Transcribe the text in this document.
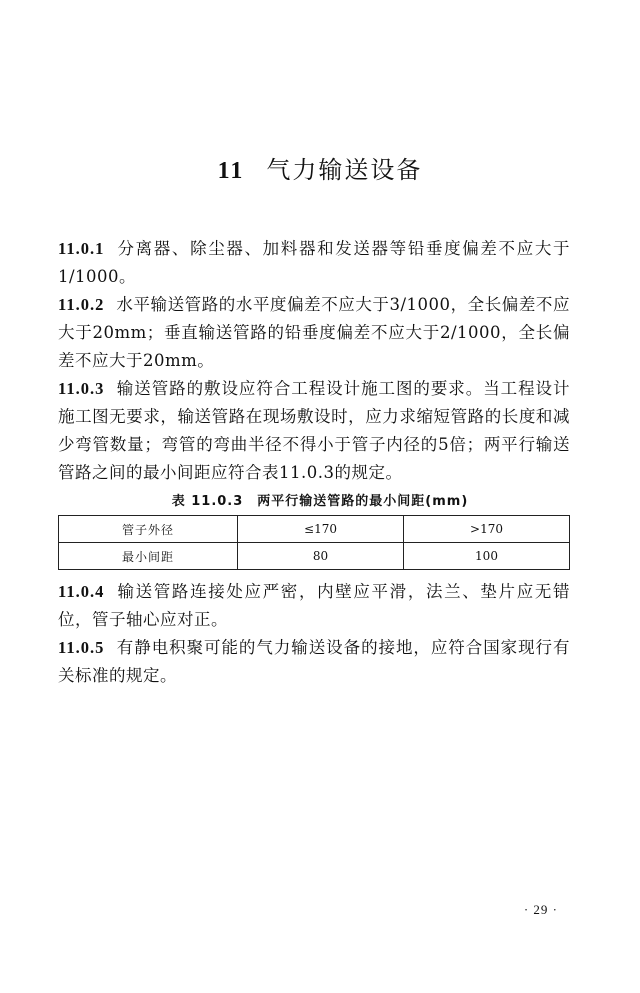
11 气力输送设备
11.0.1 分离器、除尘器、加料器和发送器等铅垂度偏差不应大于1/1000。
11.0.2 水平输送管路的水平度偏差不应大于3/1000，全长偏差不应大于20mm；垂直输送管路的铅垂度偏差不应大于2/1000，全长偏差不应大于20mm。
11.0.3 输送管路的敷设应符合工程设计施工图的要求。当工程设计施工图无要求，输送管路在现场敷设时，应力求缩短管路的长度和减少弯管数量；弯管的弯曲半径不得小于管子内径的5倍；两平行输送管路之间的最小间距应符合表11.0.3的规定。
表 11.0.3 两平行输送管路的最小间距(mm)
管子外径	≤170	>170
最小间距	80	100
11.0.4 输送管路连接处应严密，内壁应平滑，法兰、垫片应无错位，管子轴心应对正。
11.0.5 有静电积聚可能的气力输送设备的接地，应符合国家现行有关标准的规定。
· 29 ·
